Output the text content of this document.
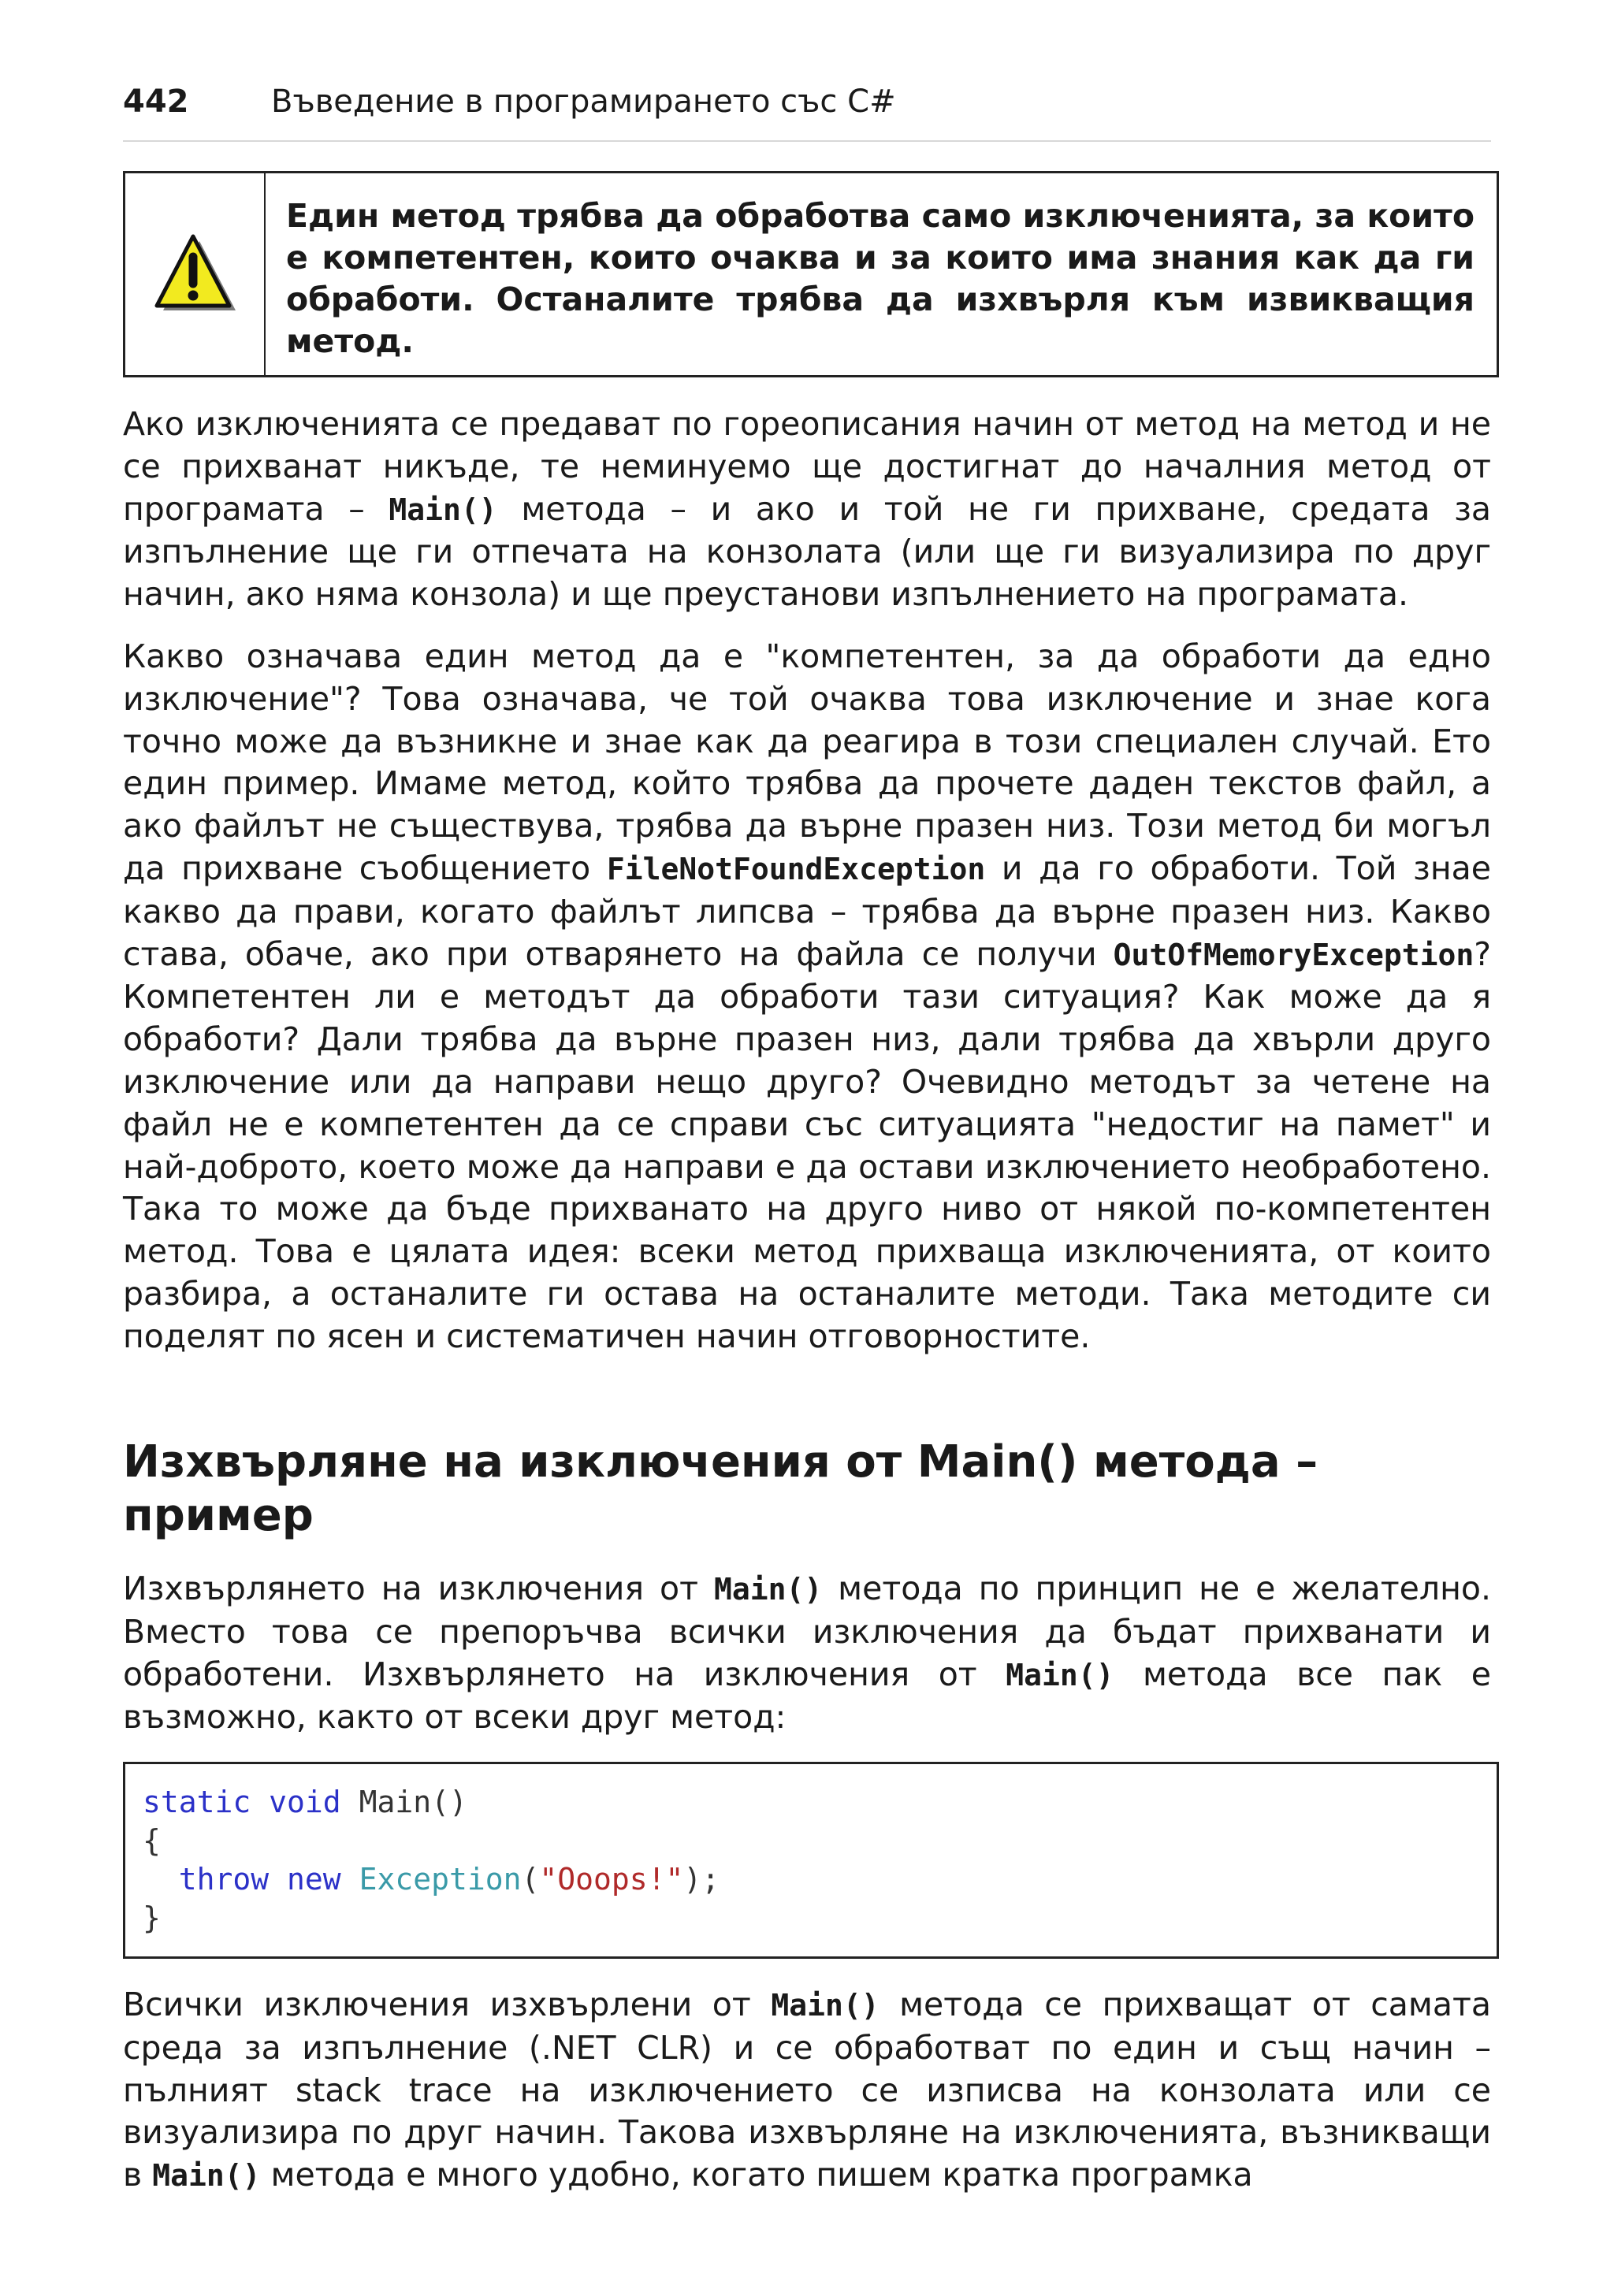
442	Въведение в програмирането със C#
Един метод трябва да обработва само изключенията, за които е компетентен, които очаква и за които има знания как да ги обработи. Останалите трябва да изхвърля към извикващия метод.

Ако изключенията се предават по гореописания начин от метод на метод и не се прихванат никъде, те неминуемо ще достигнат до началния метод от програмата – Main() метода – и ако и той не ги прихване, средата за изпълнение ще ги отпечата на конзолата (или ще ги визуализира по друг начин, ако няма конзола) и ще преустанови изпълнението на програмата.

Какво означава един метод да е "компетентен, за да обработи да едно изключение"? Това означава, че той очаква това изключение и знае кога точно може да възникне и знае как да реагира в този специален случай. Ето един пример. Имаме метод, който трябва да прочете даден текстов файл, а ако файлът не съществува, трябва да върне празен низ. Този метод би могъл да прихване съобщението FileNotFoundException и да го обработи. Той знае какво да прави, когато файлът липсва – трябва да върне празен низ. Какво става, обаче, ако при отварянето на файла се получи OutOfMemoryException? Компетентен ли е методът да обработи тази ситуация? Как може да я обработи? Дали трябва да върне празен низ, дали трябва да хвърли друго изключение или да направи нещо друго? Очевидно методът за четене на файл не е компетентен да се справи със ситуацията "недостиг на памет" и най-доброто, което може да направи е да остави изключението необработено. Така то може да бъде прихванато на друго ниво от някой по-компетентен метод. Това е цялата идея: всеки метод прихваща изключенията, от които разбира, а останалите ги остава на останалите методи. Така методите си поделят по ясен и систематичен начин отговорностите.

Изхвърляне на изключения от Main() метода – пример

Изхвърлянето на изключения от Main() метода по принцип не е желателно. Вместо това се препоръчва всички изключения да бъдат прихванати и обработени. Изхвърлянето на изключения от Main() метода все пак е възможно, както от всеки друг метод:

static void Main()
{
throw new Exception("Ooops!");
}

Всички изключения изхвърлени от Main() метода се прихващат от самата среда за изпълнение (.NET CLR) и се обработват по един и същ начин – пълният stack trace на изключението се изписва на конзолата или се визуализира по друг начин. Такова изхвърляне на изключенията, възникващи в Main() метода е много удобно, когато пишем кратка програмка
